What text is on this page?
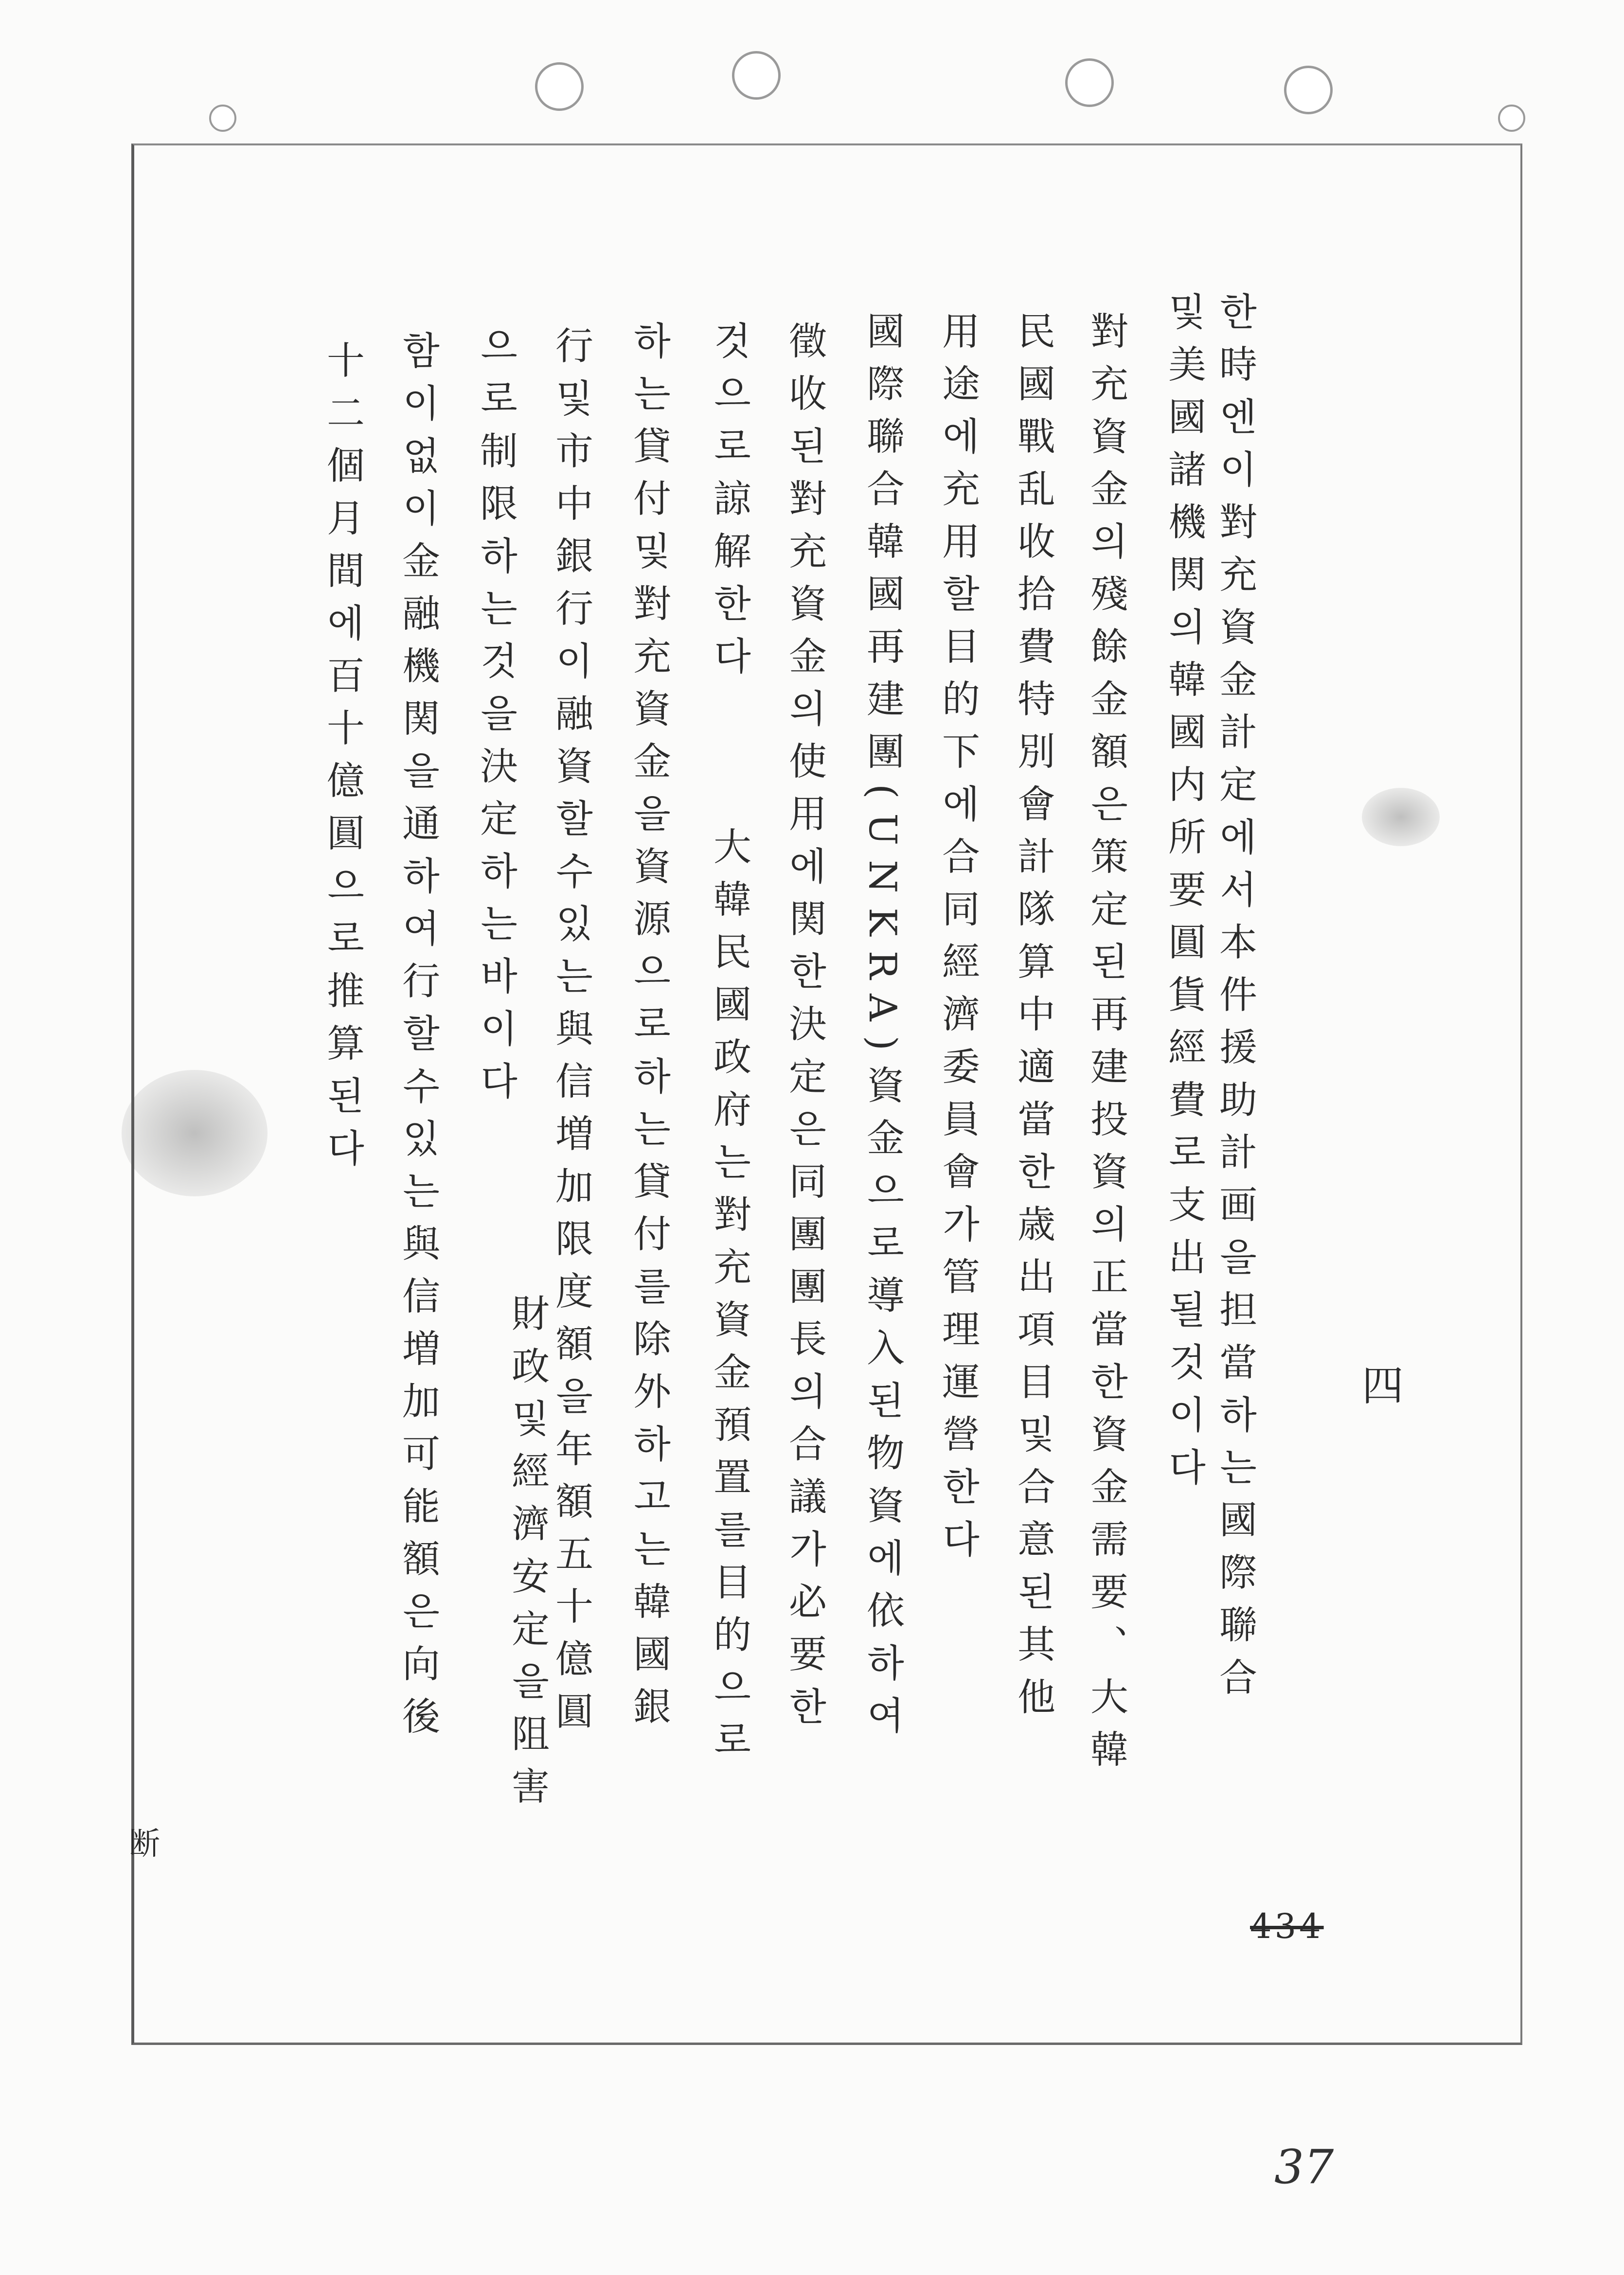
四
한時엔이對充資金計定에서本件援助計画을担當하는國際聯合
및美國諸機関의韓國内所要圓貨經費로支出될것이다
對充資金의殘餘金額은策定된再建投資의正當한資金需要、大韓
民國戰乱收拾費特別會計隊算中適當한歳出項目및合意된其他
用途에充用할目的下에合同經濟委員會가管理運營한다
國際聯合韓國再建團(UNKRA)資金으로導入된物資에依하여
徵收된對充資金의使用에関한決定은同團團長의合議가必要한
것으로諒解한다
大韓民國政府는對充資金預置를目的으로
하는貸付및對充資金을資源으로하는貸付를除外하고는韓國銀
行및市中銀行이融資할수있는與信増加限度額을年額五十億圓
으로制限하는것을決定하는바이다
財政및經濟安定을阻害
함이없이金融機関을通하여行할수있는與信増加可能額은向後
十二個月間에百十億圓으로推算된다
断
434
37
